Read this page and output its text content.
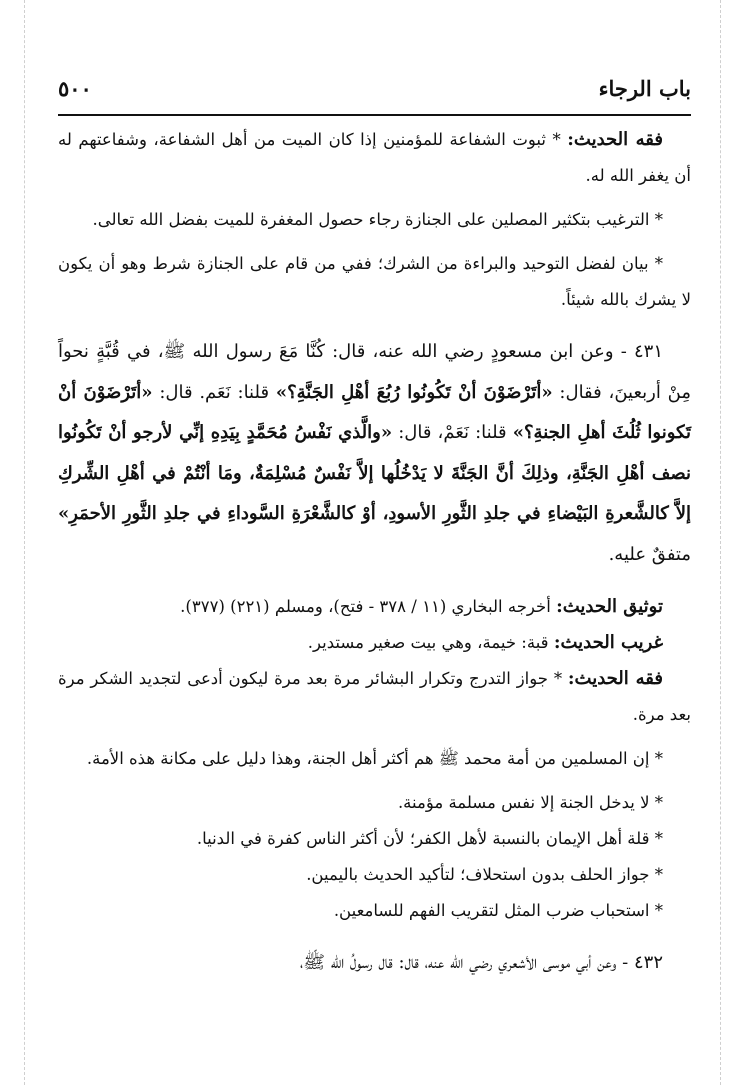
باب الرجاء
٥٠٠

فقه الحديث: * ثبوت الشفاعة للمؤمنين إذا كان الميت من أهل الشفاعة، وشفاعتهم له أن يغفر الله له.

* الترغيب بتكثير المصلين على الجنازة رجاء حصول المغفرة للميت بفضل الله تعالى.

* بيان لفضل التوحيد والبراءة من الشرك؛ ففي من قام على الجنازة شرط وهو أن يكون لا يشرك بالله شيئاً.

٤٣١ - وعن ابن مسعودٍ رضي الله عنه، قال: كُنَّا مَعَ رسول الله ﷺ، في قُبَّةٍ نحواً مِنْ أربعينَ، فقال: «أتَرْضَوْنَ أنْ تَكُونُوا رُبُعَ أهْلِ الجَنَّةِ؟» قلنا: نَعَم. قال: «أتَرْضَوْنَ أنْ تَكونوا ثُلُثَ أهلِ الجنةِ؟» قلنا: نَعَمْ، قال: «والَّذي نَفْسُ مُحَمَّدٍ بِيَدِهِ إنِّي لأرجو أنْ تَكُونُوا نصف أهْلِ الجَنَّةِ، وذلِكَ أنَّ الجَنَّةَ لا يَدْخُلُها إلاَّ نَفْسٌ مُسْلِمَةٌ، ومَا أنْتُمْ في أهْلِ الشِّركِ إلاَّ كالشَّعرةِ البَيْضاءِ في جلدِ الثَّورِ الأسودِ، أوْ كالشَّعْرَةِ السَّوداءِ في جلدِ الثَّورِ الأحمَرِ» متفقٌ عليه.

توثيق الحديث: أخرجه البخاري (١١ / ٣٧٨ - فتح)، ومسلم (٢٢١) (٣٧٧).

غريب الحديث: قبة: خيمة، وهي بيت صغير مستدير.

فقه الحديث: * جواز التدرج وتكرار البشائر مرة بعد مرة ليكون أدعى لتجديد الشكر مرة بعد مرة.

* إن المسلمين من أمة محمد ﷺ هم أكثر أهل الجنة، وهذا دليل على مكانة هذه الأمة.

* لا يدخل الجنة إلا نفس مسلمة مؤمنة.

* قلة أهل الإيمان بالنسبة لأهل الكفر؛ لأن أكثر الناس كفرة في الدنيا.

* جواز الحلف بدون استحلاف؛ لتأكيد الحديث باليمين.

* استحباب ضرب المثل لتقريب الفهم للسامعين.

٤٣٢ - وعن أبي موسى الأشعري رضي الله عنه، قال: قال رسولُ الله ﷺ،
